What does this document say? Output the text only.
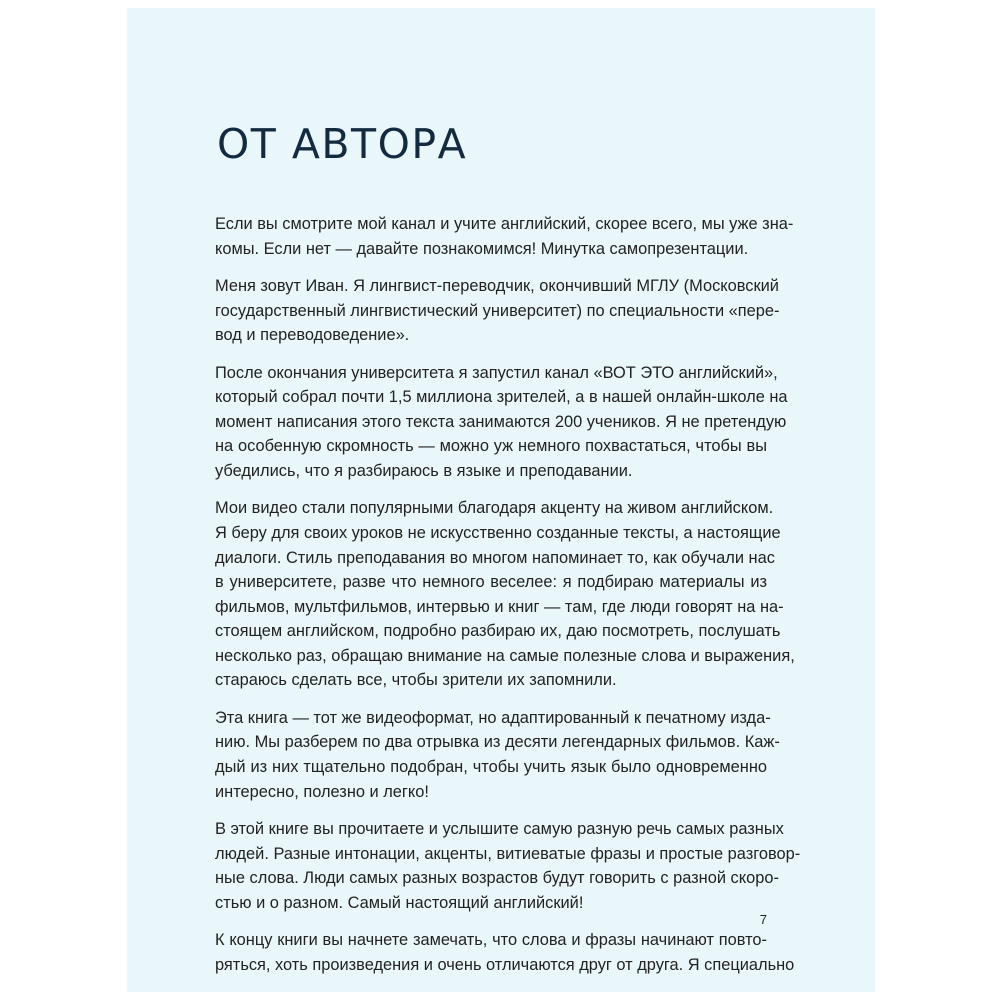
ОТ АВТОРА

Если вы смотрите мой канал и учите английский, скорее всего, мы уже зна-
комы. Если нет — давайте познакомимся! Минутка самопрезентации.

Меня зовут Иван. Я лингвист-переводчик, окончивший МГЛУ (Московский
государственный лингвистический университет) по специальности «пере-
вод и переводоведение».

После окончания университета я запустил канал «ВОТ ЭТО английский»,
который собрал почти 1,5 миллиона зрителей, а в нашей онлайн-школе на
момент написания этого текста занимаются 200 учеников. Я не претендую
на особенную скромность — можно уж немного похвастаться, чтобы вы
убедились, что я разбираюсь в языке и преподавании.

Мои видео стали популярными благодаря акценту на живом английском.
Я беру для своих уроков не искусственно созданные тексты, а настоящие
диалоги. Стиль преподавания во многом напоминает то, как обучали нас
в университете, разве что немного веселее: я подбираю материалы из
фильмов, мультфильмов, интервью и книг — там, где люди говорят на на-
стоящем английском, подробно разбираю их, даю посмотреть, послушать
несколько раз, обращаю внимание на самые полезные слова и выражения,
стараюсь сделать все, чтобы зрители их запомнили.

Эта книга — тот же видеоформат, но адаптированный к печатному изда-
нию. Мы разберем по два отрывка из десяти легендарных фильмов. Каж-
дый из них тщательно подобран, чтобы учить язык было одновременно
интересно, полезно и легко!

В этой книге вы прочитаете и услышите самую разную речь самых разных
людей. Разные интонации, акценты, витиеватые фразы и простые разговор-
ные слова. Люди самых разных возрастов будут говорить с разной скоро-
стью и о разном. Самый настоящий английский!

К концу книги вы начнете замечать, что слова и фразы начинают повто-
ряться, хоть произведения и очень отличаются друг от друга. Я специально

7
